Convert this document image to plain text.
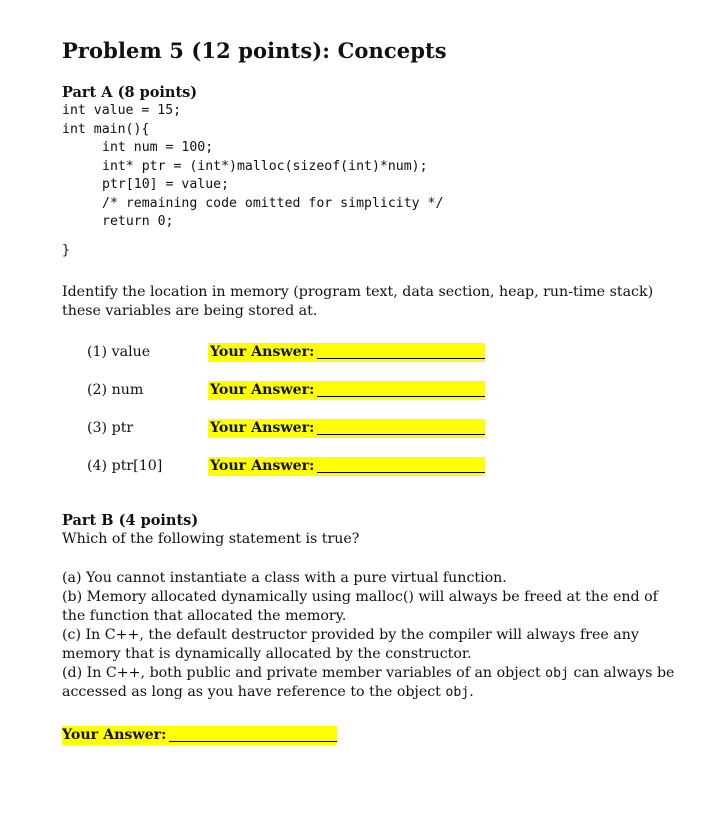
Problem 5 (12 points): Concepts
Part A (8 points)
int value = 15;
int main(){
int num = 100;
int* ptr = (int*)malloc(sizeof(int)*num);
ptr[10] = value;
/* remaining code omitted for simplicity */
return 0;
}

Identify the location in memory (program text, data section, heap, run-time stack)

these variables are being stored at.

(1) value	Your Answer:
(2) num	Your Answer:
(3) ptr	Your Answer:
(4) ptr[10]	Your Answer:
Part B (4 points)

Which of the following statement is true?

(a) You cannot instantiate a class with a pure virtual function.

(b) Memory allocated dynamically using malloc() will always be freed at the end of

the function that allocated the memory.

(c) In C++, the default destructor provided by the compiler will always free any

memory that is dynamically allocated by the constructor.

(d) In C++, both public and private member variables of an object obj can always be

accessed as long as you have reference to the object obj.

Your Answer:
